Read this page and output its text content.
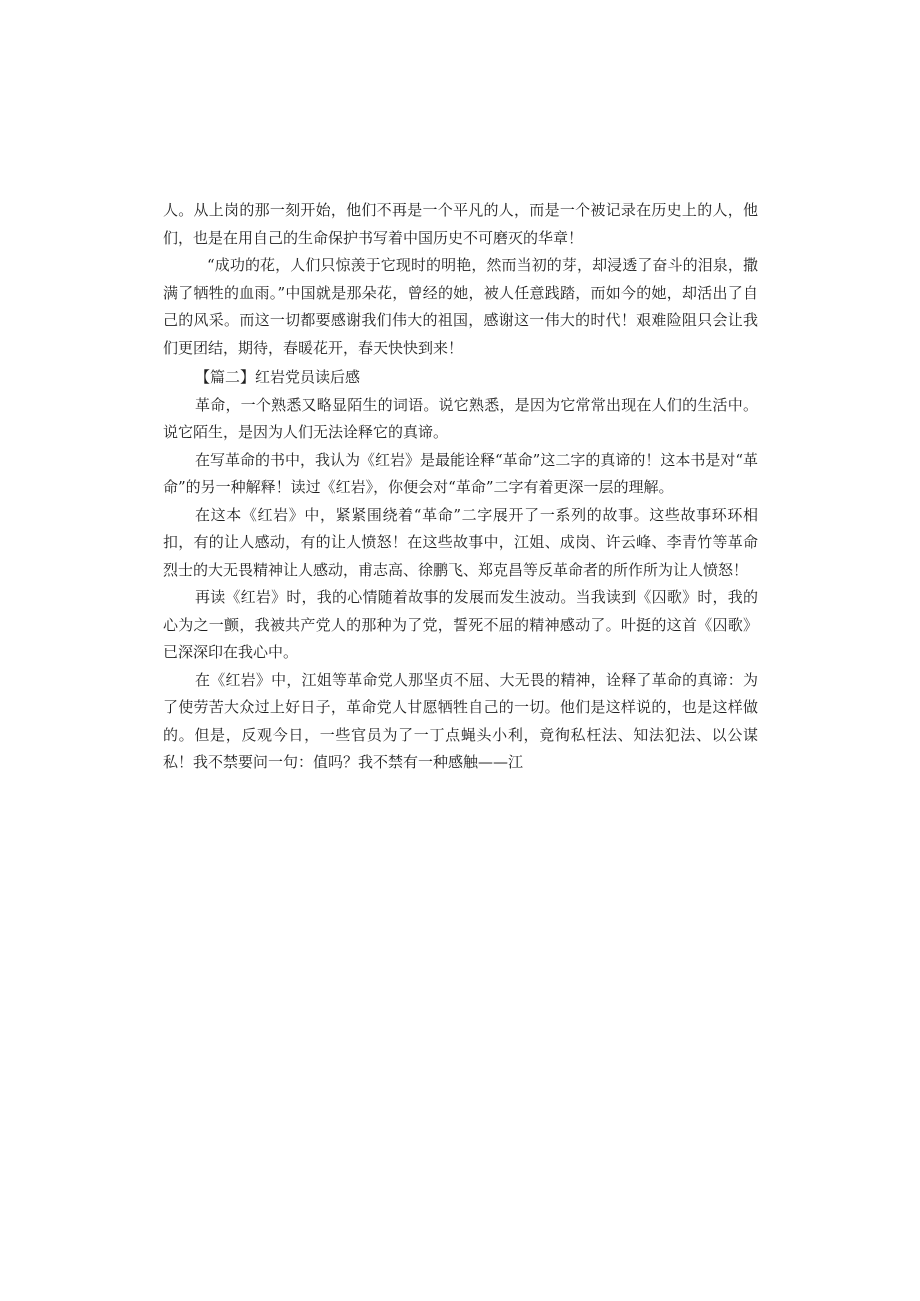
人。从上岗的那一刻开始，他们不再是一个平凡的人，而是一个被记录在历史上的人，他们，也是在用自己的生命保护书写着中国历史不可磨灭的华章！

“成功的花，人们只惊羡于它现时的明艳，然而当初的芽，却浸透了奋斗的泪泉，撒满了牺牲的血雨。”中国就是那朵花，曾经的她，被人任意践踏，而如今的她，却活出了自己的风采。而这一切都要感谢我们伟大的祖国，感谢这一伟大的时代！艰难险阻只会让我们更团结，期待，春暖花开，春天快快到来！

【篇二】红岩党员读后感

革命，一个熟悉又略显陌生的词语。说它熟悉，是因为它常常出现在人们的生活中。说它陌生，是因为人们无法诠释它的真谛。

在写革命的书中，我认为《红岩》是最能诠释“革命”这二字的真谛的！这本书是对“革命”的另一种解释！读过《红岩》，你便会对“革命”二字有着更深一层的理解。

在这本《红岩》中，紧紧围绕着“革命”二字展开了一系列的故事。这些故事环环相扣，有的让人感动，有的让人愤怒！在这些故事中，江姐、成岗、许云峰、李青竹等革命烈士的大无畏精神让人感动，甫志高、徐鹏飞、郑克昌等反革命者的所作所为让人愤怒！

再读《红岩》时，我的心情随着故事的发展而发生波动。当我读到《囚歌》时，我的心为之一颤，我被共产党人的那种为了党，誓死不屈的精神感动了。叶挺的这首《囚歌》已深深印在我心中。

在《红岩》中，江姐等革命党人那坚贞不屈、大无畏的精神，诠释了革命的真谛：为了使劳苦大众过上好日子，革命党人甘愿牺牲自己的一切。他们是这样说的，也是这样做的。但是，反观今日，一些官员为了一丁点蝇头小利，竟徇私枉法、知法犯法、以公谋私！我不禁要问一句：值吗？我不禁有一种感触——江
